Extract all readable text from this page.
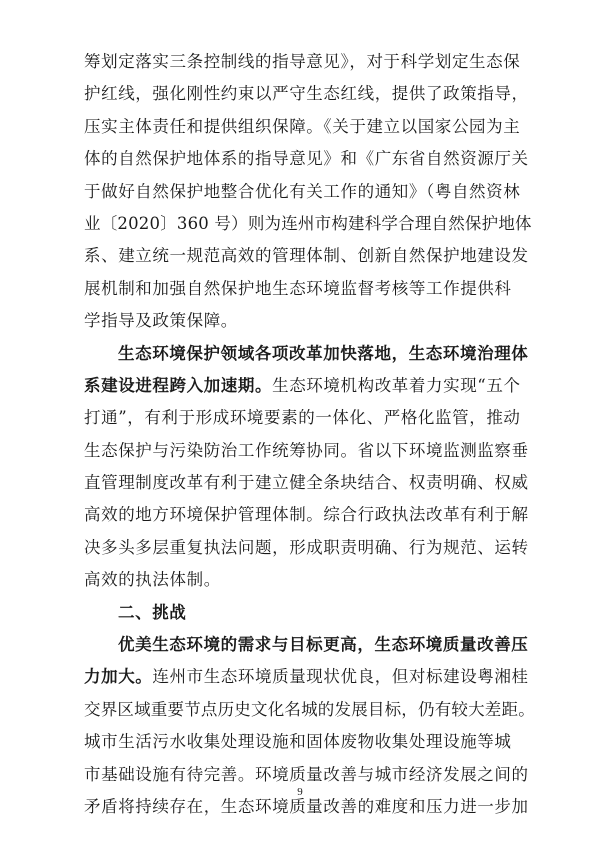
筹划定落实三条控制线的指导意见》，对于科学划定生态保
护红线，强化刚性约束以严守生态红线，提供了政策指导，
压实主体责任和提供组织保障。《关于建立以国家公园为主
体的自然保护地体系的指导意见》和《广东省自然资源厅关
于做好自然保护地整合优化有关工作的通知》（粤自然资林
业〔2020〕360 号）则为连州市构建科学合理自然保护地体
系、建立统一规范高效的管理体制、创新自然保护地建设发
展机制和加强自然保护地生态环境监督考核等工作提供科
学指导及政策保障。
生态环境保护领域各项改革加快落地，生态环境治理体
系建设进程跨入加速期。生态环境机构改革着力实现“五个
打通”，有利于形成环境要素的一体化、严格化监管，推动
生态保护与污染防治工作统筹协同。省以下环境监测监察垂
直管理制度改革有利于建立健全条块结合、权责明确、权威
高效的地方环境保护管理体制。综合行政执法改革有利于解
决多头多层重复执法问题，形成职责明确、行为规范、运转
高效的执法体制。
二、挑战
优美生态环境的需求与目标更高，生态环境质量改善压
力加大。连州市生态环境质量现状优良，但对标建设粤湘桂
交界区域重要节点历史文化名城的发展目标，仍有较大差距。
城市生活污水收集处理设施和固体废物收集处理设施等城
市基础设施有待完善。环境质量改善与城市经济发展之间的
矛盾将持续存在，生态环境质量改善的难度和压力进一步加
9
